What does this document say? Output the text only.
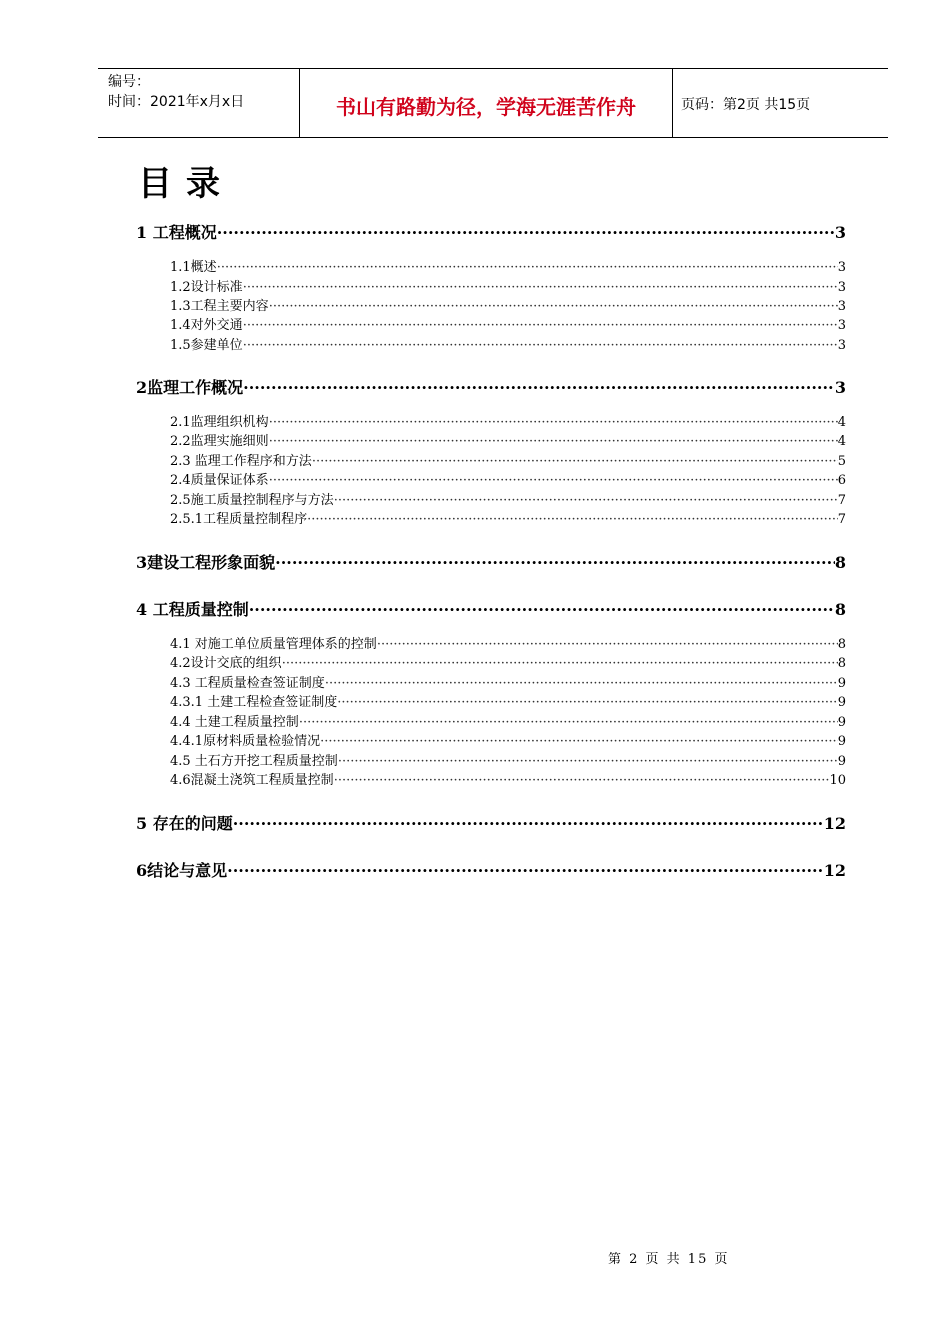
编号：
时间：2021年x月x日	书山有路勤为径，学海无涯苦作舟	页码：第2页 共15页
目录
1 工程概况 ·····	3
1.1概述 ·····	3
1.2设计标准 ·····	3
1.3工程主要内容 ·····	3
1.4对外交通 ·····	3
1.5参建单位 ·····	3
2监理工作概况 ·····	3
2.1监理组织机构 ·····	4
2.2监理实施细则 ·····	4
2.3 监理工作程序和方法 ·····	5
2.4质量保证体系 ·····	6
2.5施工质量控制程序与方法 ·····	7
2.5.1工程质量控制程序 ·····	7
3建设工程形象面貌 ·····	8
4 工程质量控制 ·····	8
4.1 对施工单位质量管理体系的控制 ·····	8
4.2设计交底的组织 ·····	8
4.3 工程质量检查签证制度 ·····	9
4.3.1 土建工程检查签证制度 ·····	9
4.4 土建工程质量控制 ·····	9
4.4.1原材料质量检验情况 ·····	9
4.5 土石方开挖工程质量控制 ·····	9
4.6混凝土浇筑工程质量控制 ·····	10
5 存在的问题 ·····	12
6结论与意见 ·····	12
第 2 页 共 15 页
